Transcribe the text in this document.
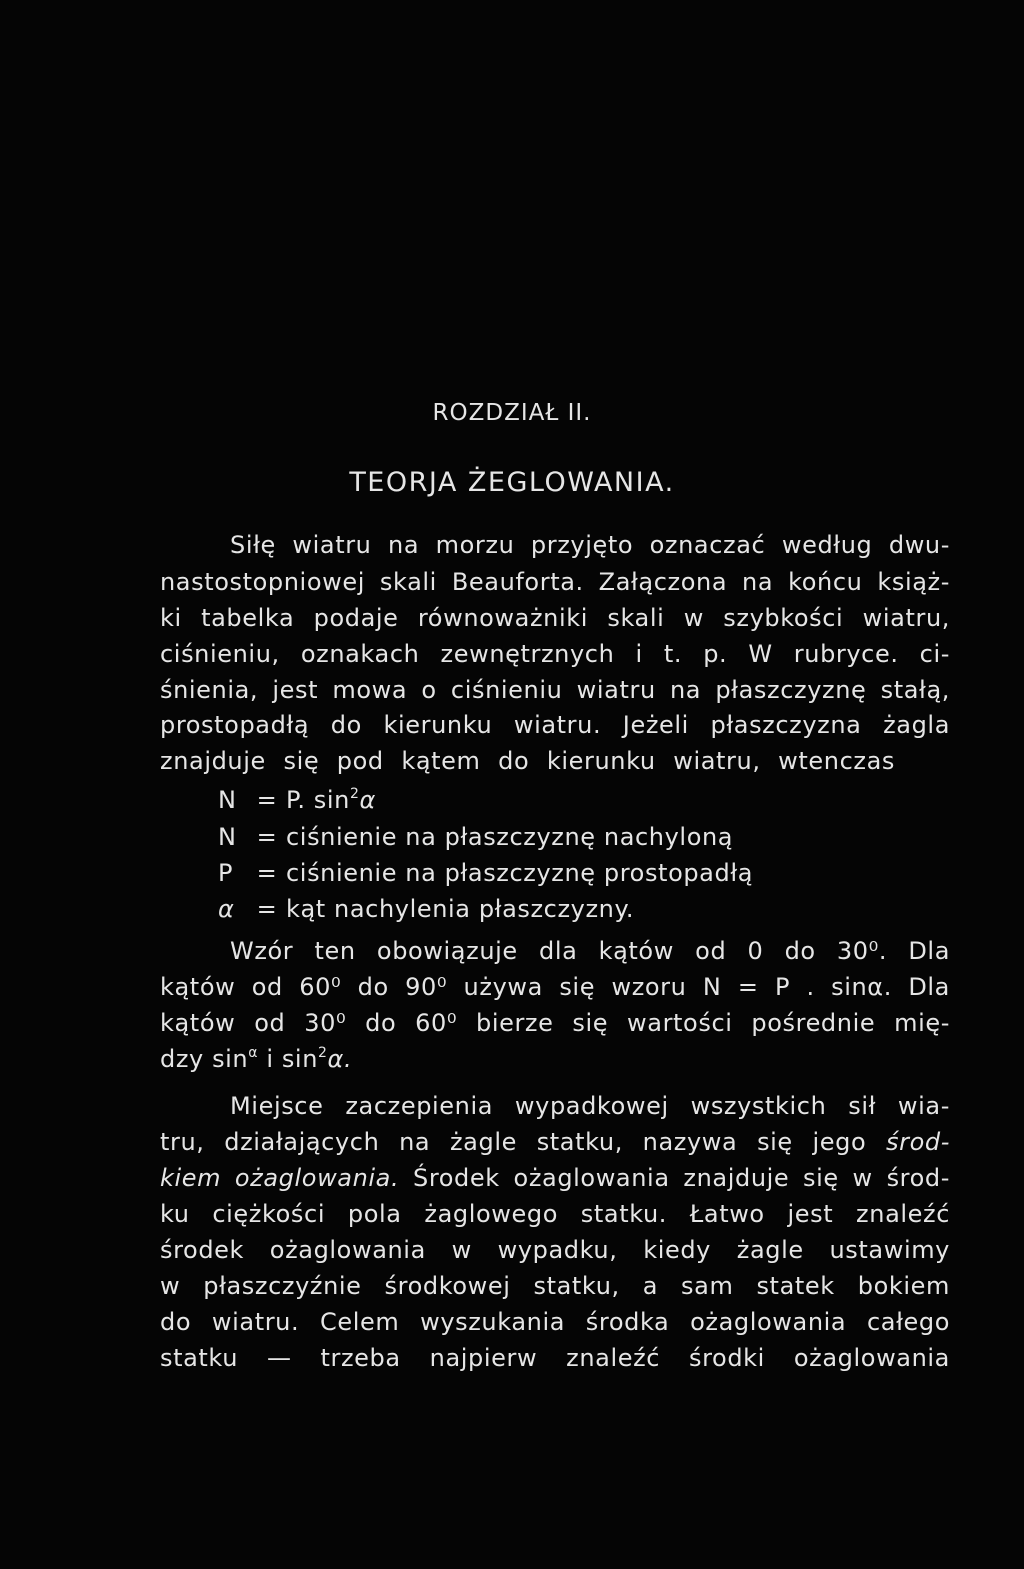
ROZDZIAŁ II.
TEORJA ŻEGLOWANIA.
Siłę wiatru na morzu przyjęto oznaczać według dwu-
nastostopniowej skali Beauforta. Załączona na końcu książ-
ki tabelka podaje równoważniki skali w szybkości wiatru,
ciśnieniu, oznakach zewnętrznych i t. p. W rubryce. ci-
śnienia, jest mowa o ciśnieniu wiatru na płaszczyznę stałą,
prostopadłą do kierunku wiatru. Jeżeli płaszczyzna żagla
znajduje się pod kątem do kierunku wiatru, wtenczas
N = P. $\sin^2\alpha$
N = ciśnienie na płaszczyznę nachyloną
P = ciśnienie na płaszczyznę prostopadłą
α = kąt nachylenia płaszczyzny.
Wzór ten obowiązuje dla kątów od 0 do 30⁰. Dla
kątów od 60⁰ do 90⁰ używa się wzoru N = P . sinα. Dla
kątów od 30⁰ do 60⁰ bierze się wartości pośrednie mię-
dzy $\sin^\alpha i$ $\sin^2\alpha$.
Miejsce zaczepienia wypadkowej wszystkich sił wia-
tru, działających na żagle statku, nazywa się jego środ-
kiem ożaglowania. Środek ożaglowania znajduje się w środ-
ku ciężkości pola żaglowego statku. Łatwo jest znaleźć
środek ożaglowania w wypadku, kiedy żagle ustawimy
w płaszczyźnie środkowej statku, a sam statek bokiem
do wiatru. Celem wyszukania środka ożaglowania całego
statku — trzeba najpierw znaleźć środki ożaglowania
